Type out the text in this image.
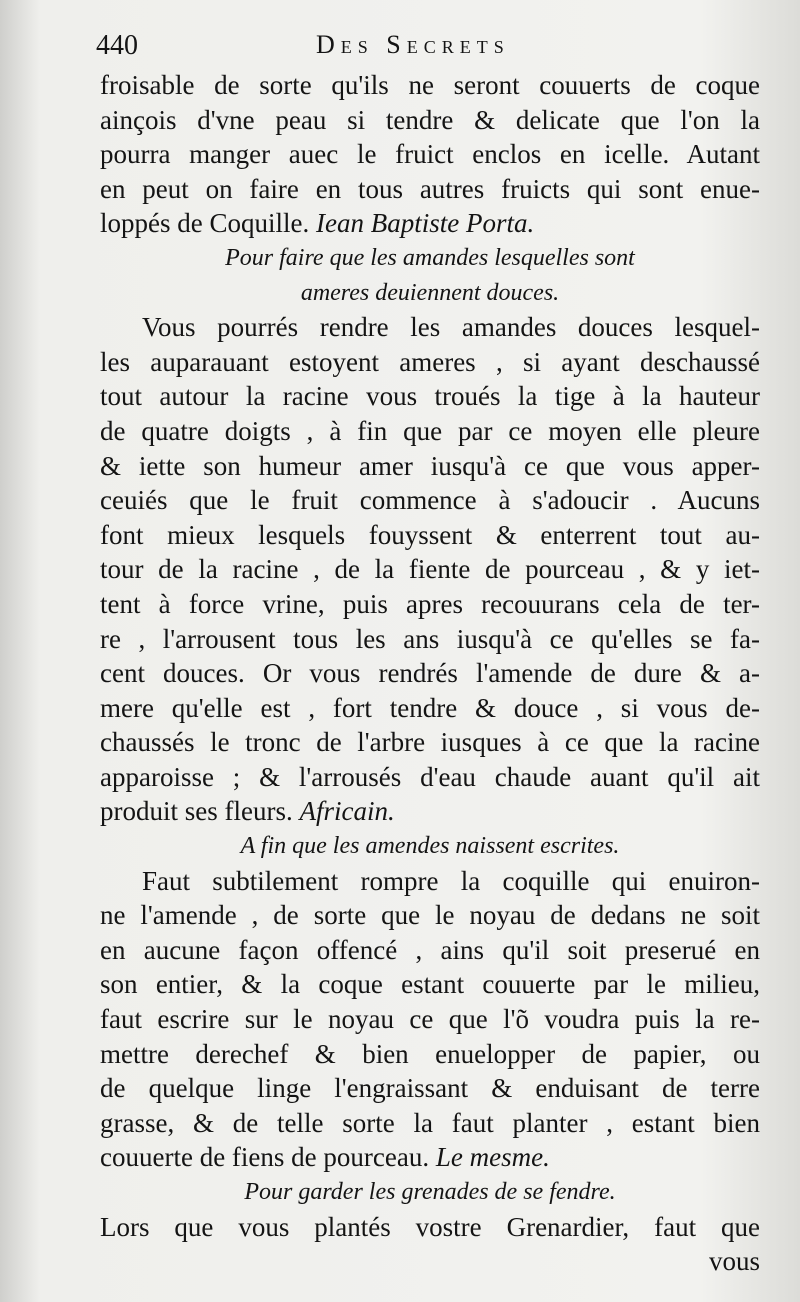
440	Des Secrets
froisable de sorte qu'ils ne seront couuerts de coque
ainçois d'vne peau si tendre & delicate que l'on la
pourra manger auec le fruict enclos en icelle. Autant
en peut on faire en tous autres fruicts qui sont enue-
loppés de Coquille. Iean Baptiste Porta.
Pour faire que les amandes lesquelles sont
ameres deuiennent douces.
Vous pourrés rendre les amandes douces lesquel-
les auparauant estoyent ameres , si ayant deschaussé
tout autour la racine vous troués la tige à la hauteur
de quatre doigts , à fin que par ce moyen elle pleure
& iette son humeur amer iusqu'à ce que vous apper-
ceuiés que le fruit commence à s'adoucir . Aucuns
font mieux lesquels fouyssent & enterrent tout au-
tour de la racine , de la fiente de pourceau , & y iet-
tent à force vrine, puis apres recouurans cela de ter-
re , l'arrousent tous les ans iusqu'à ce qu'elles se fa-
cent douces. Or vous rendrés l'amende de dure & a-
mere qu'elle est , fort tendre & douce , si vous de-
chaussés le tronc de l'arbre iusques à ce que la racine
apparoisse ; & l'arrousés d'eau chaude auant qu'il ait
produit ses fleurs. Africain.
A fin que les amendes naissent escrites.
Faut subtilement rompre la coquille qui enuiron-
ne l'amende , de sorte que le noyau de dedans ne soit
en aucune façon offencé , ains qu'il soit preserué en
son entier, & la coque estant couuerte par le milieu,
faut escrire sur le noyau ce que l'õ voudra puis la re-
mettre derechef & bien enuelopper de papier, ou
de quelque linge l'engraissant & enduisant de terre
grasse, & de telle sorte la faut planter , estant bien
couuerte de fiens de pourceau. Le mesme.
Pour garder les grenades de se fendre.
Lors que vous plantés vostre Grenardier, faut que
vous
